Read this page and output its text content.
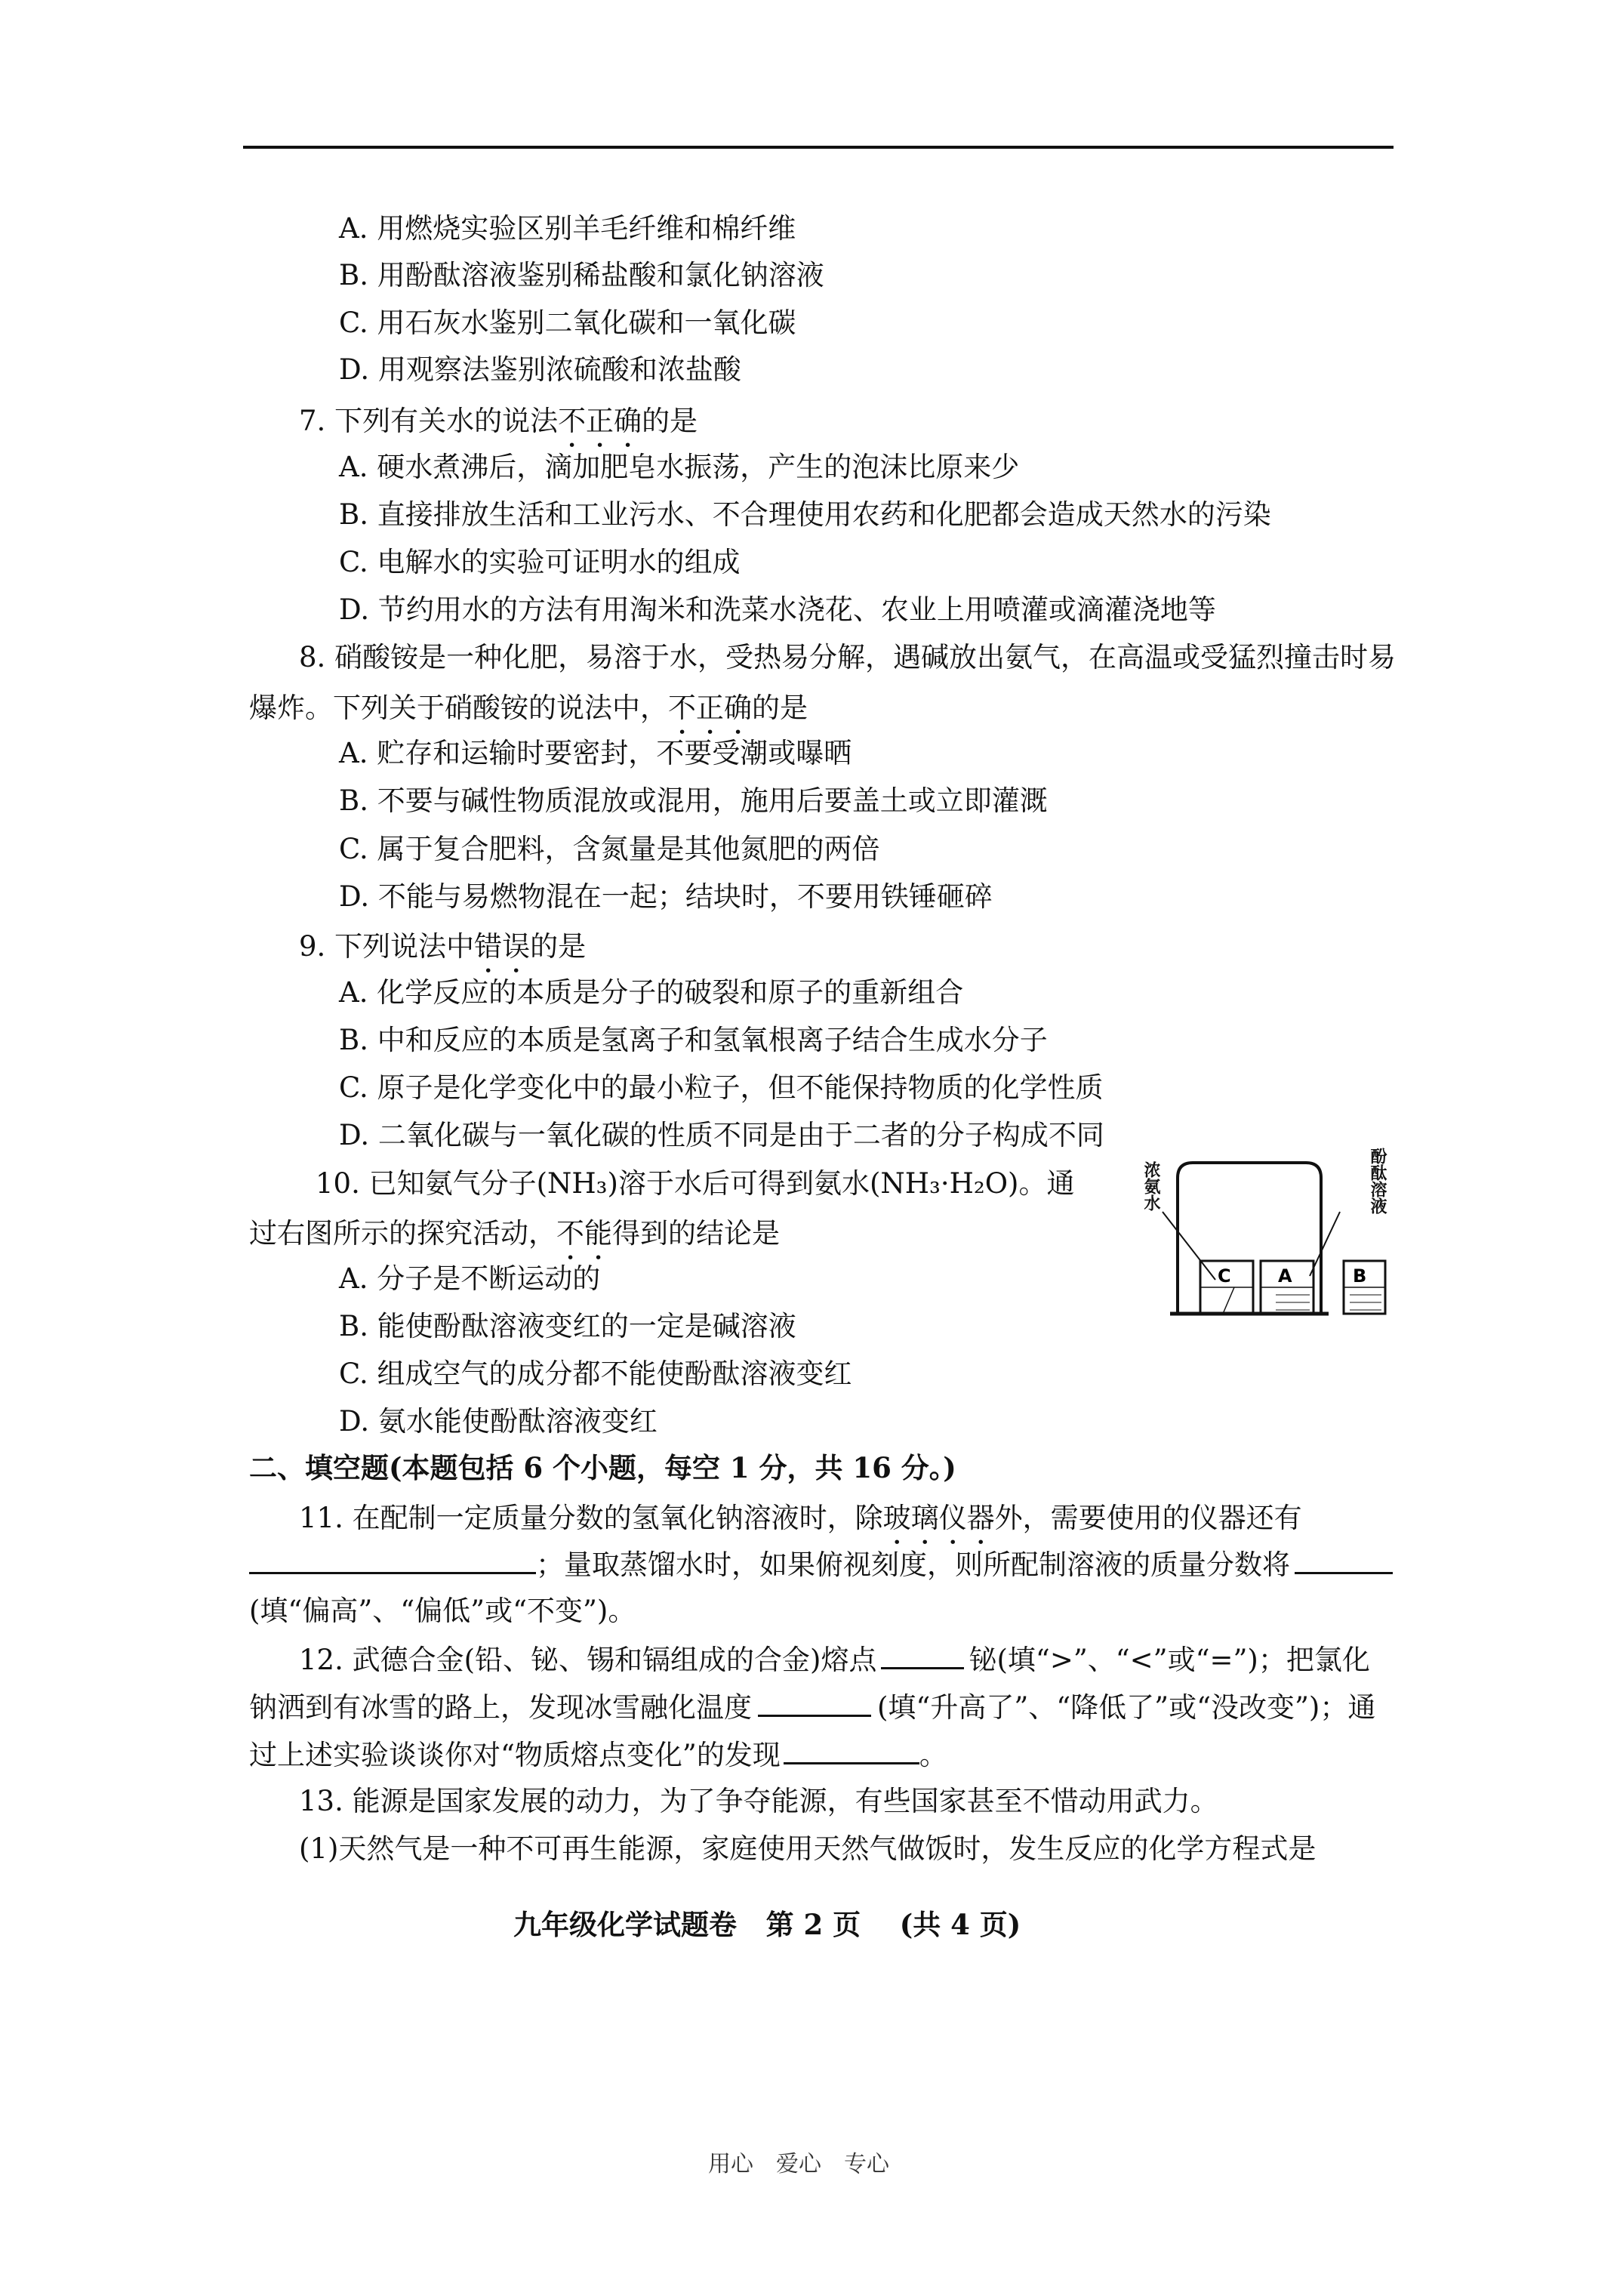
A. 用燃烧实验区别羊毛纤维和棉纤维
B. 用酚酞溶液鉴别稀盐酸和氯化钠溶液
C. 用石灰水鉴别二氧化碳和一氧化碳
D. 用观察法鉴别浓硫酸和浓盐酸
7. 下列有关水的说法不正确的是
A. 硬水煮沸后，滴加肥皂水振荡，产生的泡沫比原来少
B. 直接排放生活和工业污水、不合理使用农药和化肥都会造成天然水的污染
C. 电解水的实验可证明水的组成
D. 节约用水的方法有用淘米和洗菜水浇花、农业上用喷灌或滴灌浇地等
8. 硝酸铵是一种化肥，易溶于水，受热易分解，遇碱放出氨气，在高温或受猛烈撞击时易
爆炸。下列关于硝酸铵的说法中，不正确的是
A. 贮存和运输时要密封，不要受潮或曝晒
B. 不要与碱性物质混放或混用，施用后要盖土或立即灌溉
C. 属于复合肥料，含氮量是其他氮肥的两倍
D. 不能与易燃物混在一起；结块时，不要用铁锤砸碎
9. 下列说法中错误的是
A. 化学反应的本质是分子的破裂和原子的重新组合
B. 中和反应的本质是氢离子和氢氧根离子结合生成水分子
C. 原子是化学变化中的最小粒子，但不能保持物质的化学性质
D. 二氧化碳与一氧化碳的性质不同是由于二者的分子构成不同
10. 已知氨气分子(NH₃)溶于水后可得到氨水(NH₃·H₂O)。通
过右图所示的探究活动，不能得到的结论是
A. 分子是不断运动的
B. 能使酚酞溶液变红的一定是碱溶液
C. 组成空气的成分都不能使酚酞溶液变红
D. 氨水能使酚酞溶液变红
C	A	B
浓氨水	酚酞溶液
二、填空题(本题包括 6 个小题，每空 1 分，共 16 分。)
11. 在配制一定质量分数的氢氧化钠溶液时，除玻璃仪器外，需要使用的仪器还有
；量取蒸馏水时，如果俯视刻度，则所配制溶液的质量分数将
(填“偏高”、“偏低”或“不变”)。
12. 武德合金(铅、铋、锡和镉组成的合金)熔点	铋(填“>”、“<”或“=”)；把氯化
钠洒到有冰雪的路上，发现冰雪融化温度	(填“升高了”、“降低了”或“没改变”)；通
过上述实验谈谈你对“物质熔点变化”的发现	。
13. 能源是国家发展的动力，为了争夺能源，有些国家甚至不惜动用武力。
(1)天然气是一种不可再生能源，家庭使用天然气做饭时，发生反应的化学方程式是
九年级化学试题卷 第 2 页 (共 4 页)
用心 爱心 专心
